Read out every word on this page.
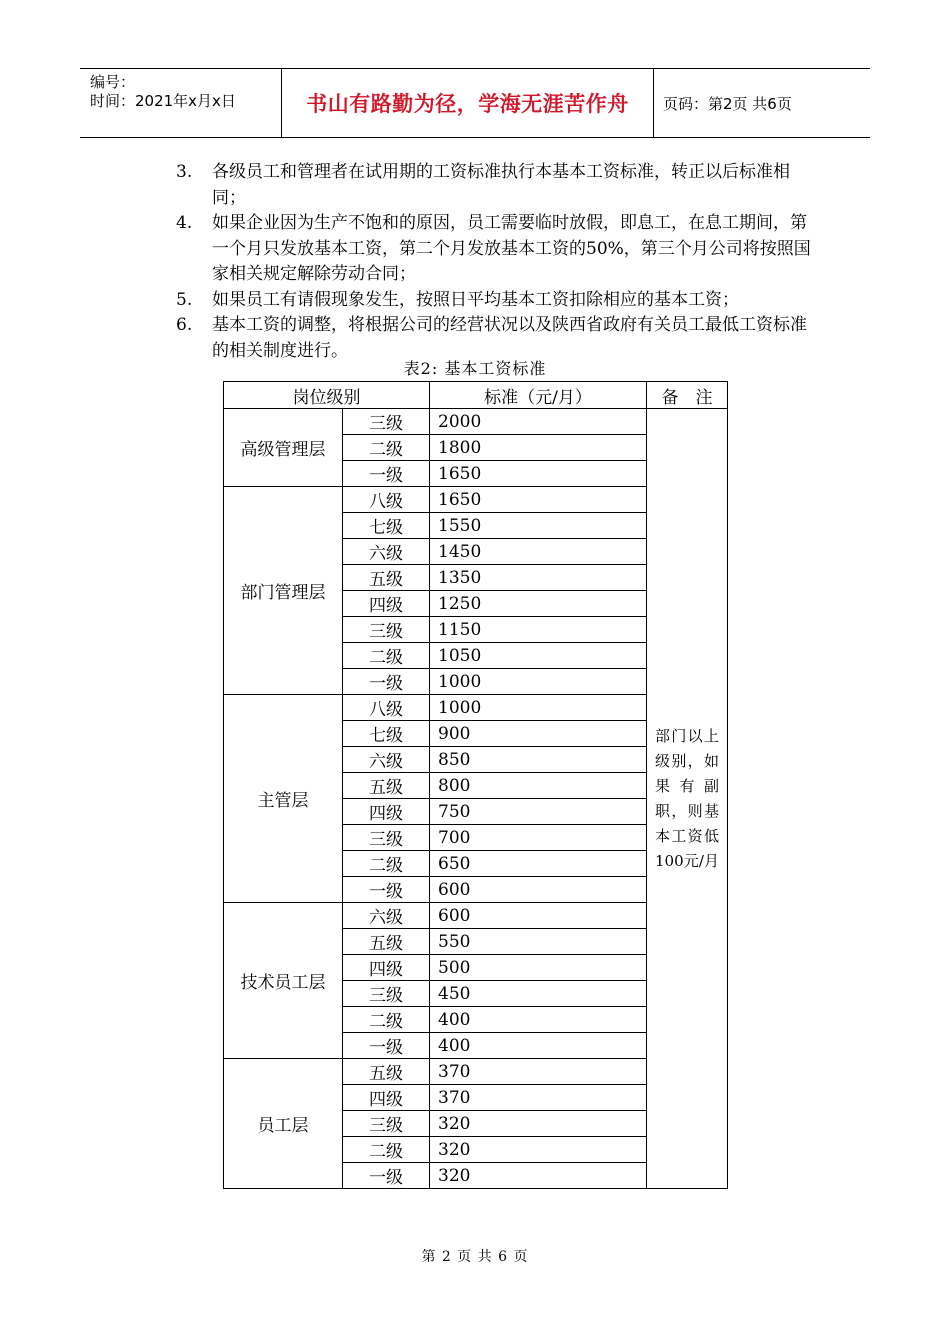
编号：
时间：2021年x月x日	书山有路勤为径，学海无涯苦作舟 页码：第2页 共6页
3.	各级员工和管理者在试用期的工资标准执行本基本工资标准，转正以后标准相同；
4.	如果企业因为生产不饱和的原因，员工需要临时放假，即息工，在息工期间，第一个月只发放基本工资，第二个月发放基本工资的50%，第三个月公司将按照国家相关规定解除劳动合同；
5.	如果员工有请假现象发生，按照日平均基本工资扣除相应的基本工资；
6.	基本工资的调整，将根据公司的经营状况以及陕西省政府有关员工最低工资标准的相关制度进行。
表2: 基本工资标准
岗位级别		标准（元/月）	备　注
高级管理层	三级	2000	部门以上级别，如果有副职，则基本工资低100元/月
	二级	1800	
	一级	1650	
部门管理层	八级	1650	
	七级	1550	
	六级	1450	
	五级	1350	
	四级	1250	
	三级	1150	
	二级	1050	
	一级	1000	
主管层	八级	1000	
	七级	900	
	六级	850	
	五级	800	
	四级	750	
	三级	700	
	二级	650	
	一级	600	
技术员工层	六级	600	
	五级	550	
	四级	500	
	三级	450	
	二级	400	
	一级	400	
员工层	五级	370	
	四级	370	
	三级	320	
	二级	320	
	一级	320	
第 2 页 共 6 页
